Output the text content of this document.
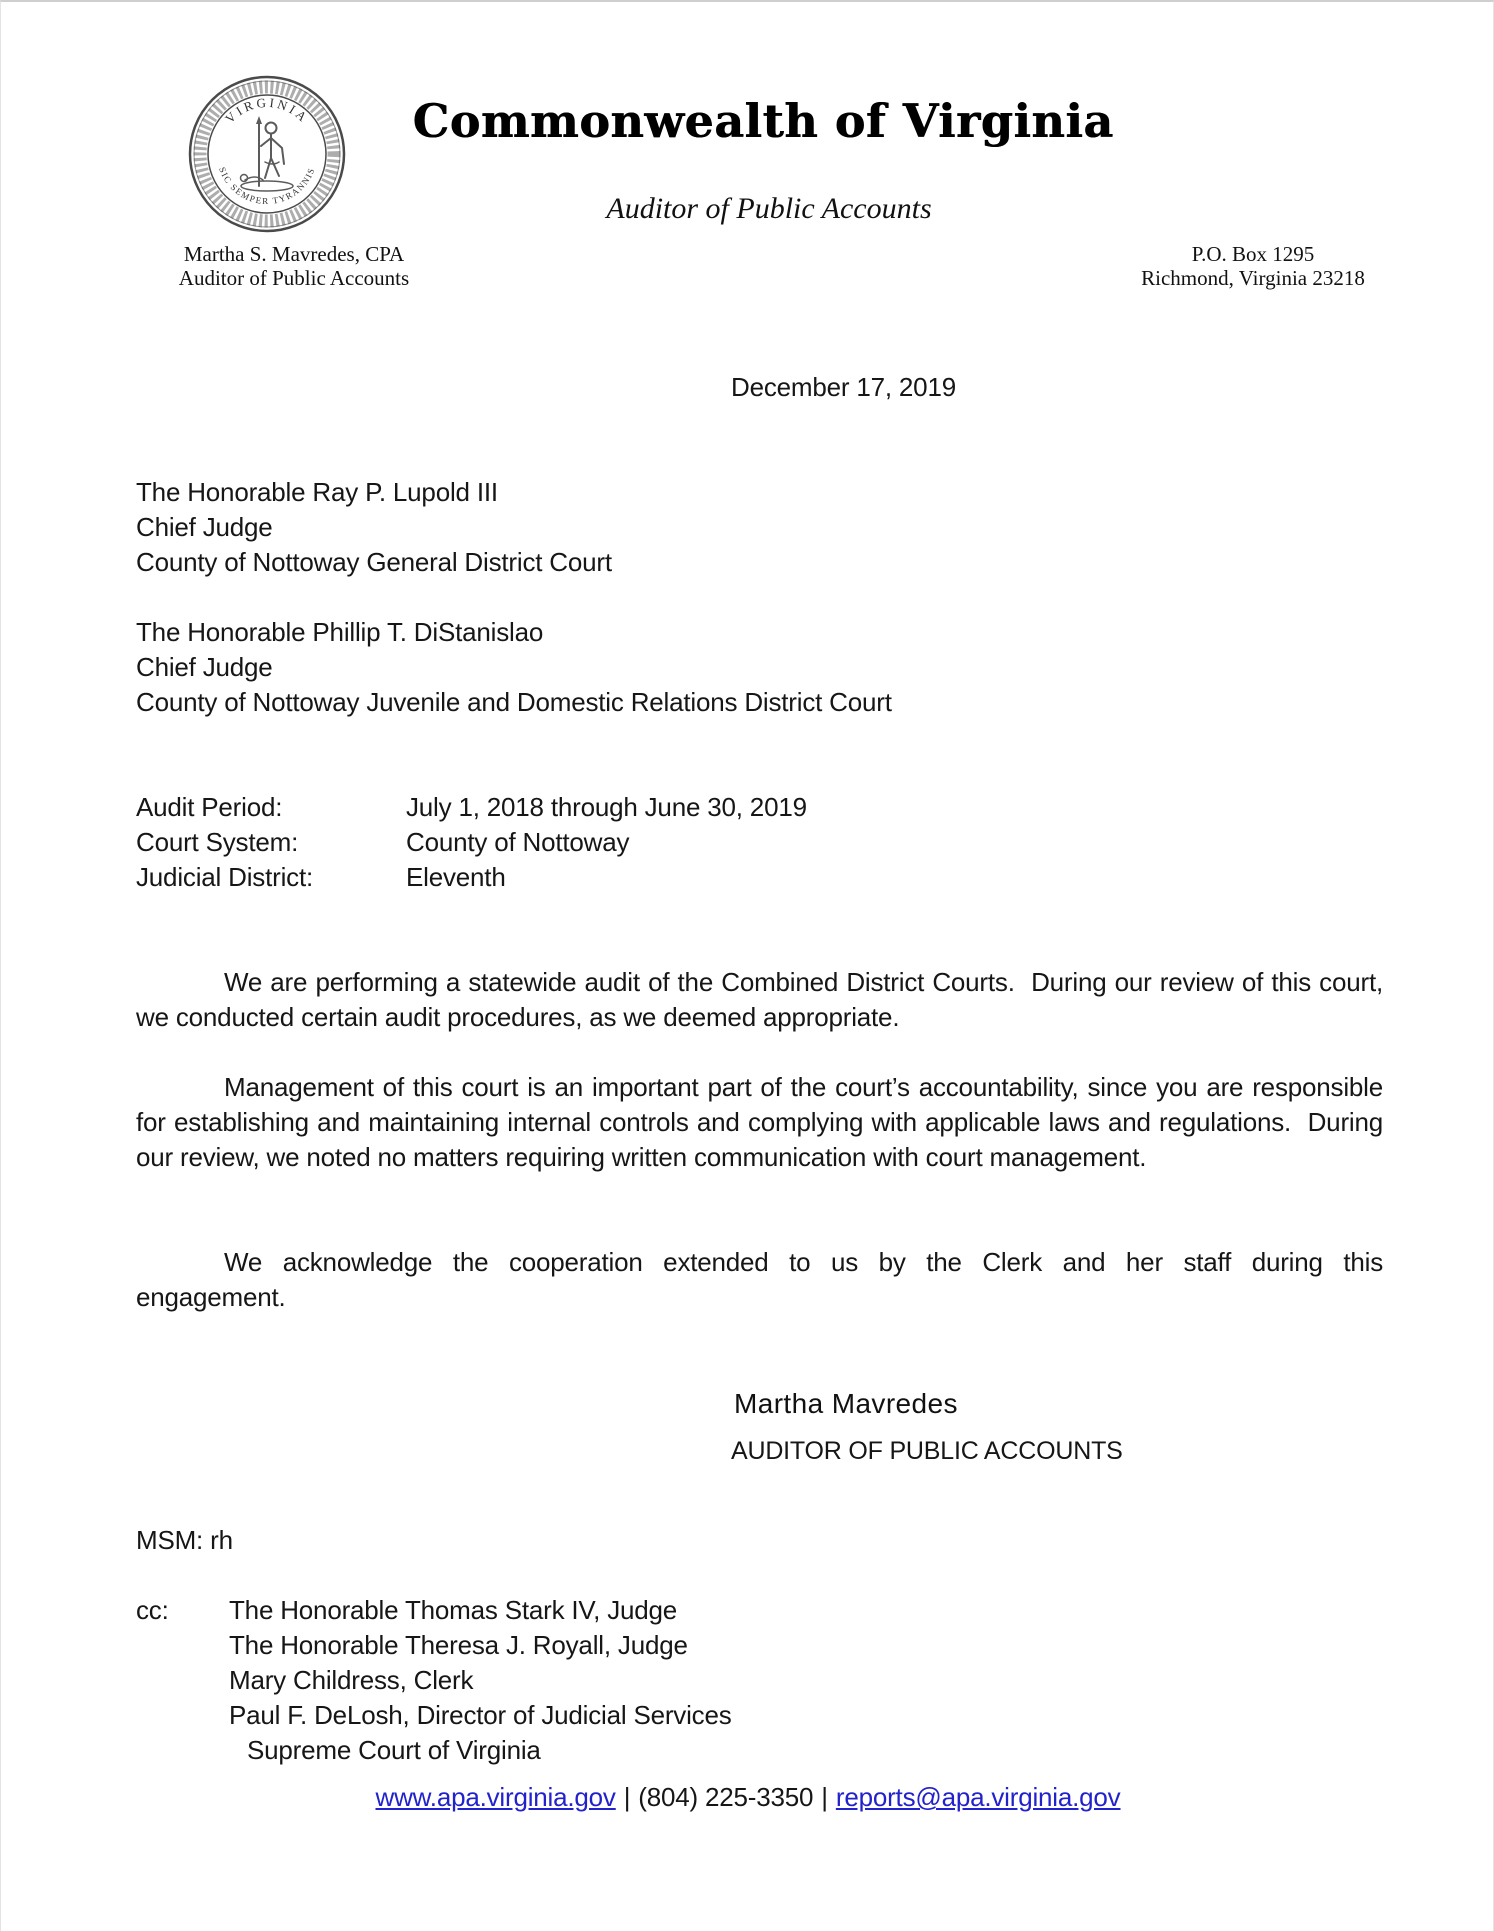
VIRGINIA
SIC SEMPER TYRANNIS
Commonwealth of Virginia
Auditor of Public Accounts
Martha S. Mavredes, CPA
Auditor of Public Accounts
P.O. Box 1295
Richmond, Virginia 23218
December 17, 2019
The Honorable Ray P. Lupold III
Chief Judge
County of Nottoway General District Court
The Honorable Phillip T. DiStanislao
Chief Judge
County of Nottoway Juvenile and Domestic Relations District Court
Audit Period:	July 1, 2018 through June 30, 2019
Court System:	County of Nottoway
Judicial District:	Eleventh
We are performing a statewide audit of the Combined District Courts.  During our review of this court, we conducted certain audit procedures, as we deemed appropriate.
Management of this court is an important part of the court’s accountability, since you are responsible for establishing and maintaining internal controls and complying with applicable laws and regulations.  During our review, we noted no matters requiring written communication with court management.
We acknowledge the cooperation extended to us by the Clerk and her staff during this engagement.
Martha Mavredes
AUDITOR OF PUBLIC ACCOUNTS
MSM: rh
cc: The Honorable Thomas Stark IV, Judge
The Honorable Theresa J. Royall, Judge
Mary Childress, Clerk
Paul F. DeLosh, Director of Judicial Services
Supreme Court of Virginia
www.apa.virginia.gov | (804) 225-3350 | reports@apa.virginia.gov
